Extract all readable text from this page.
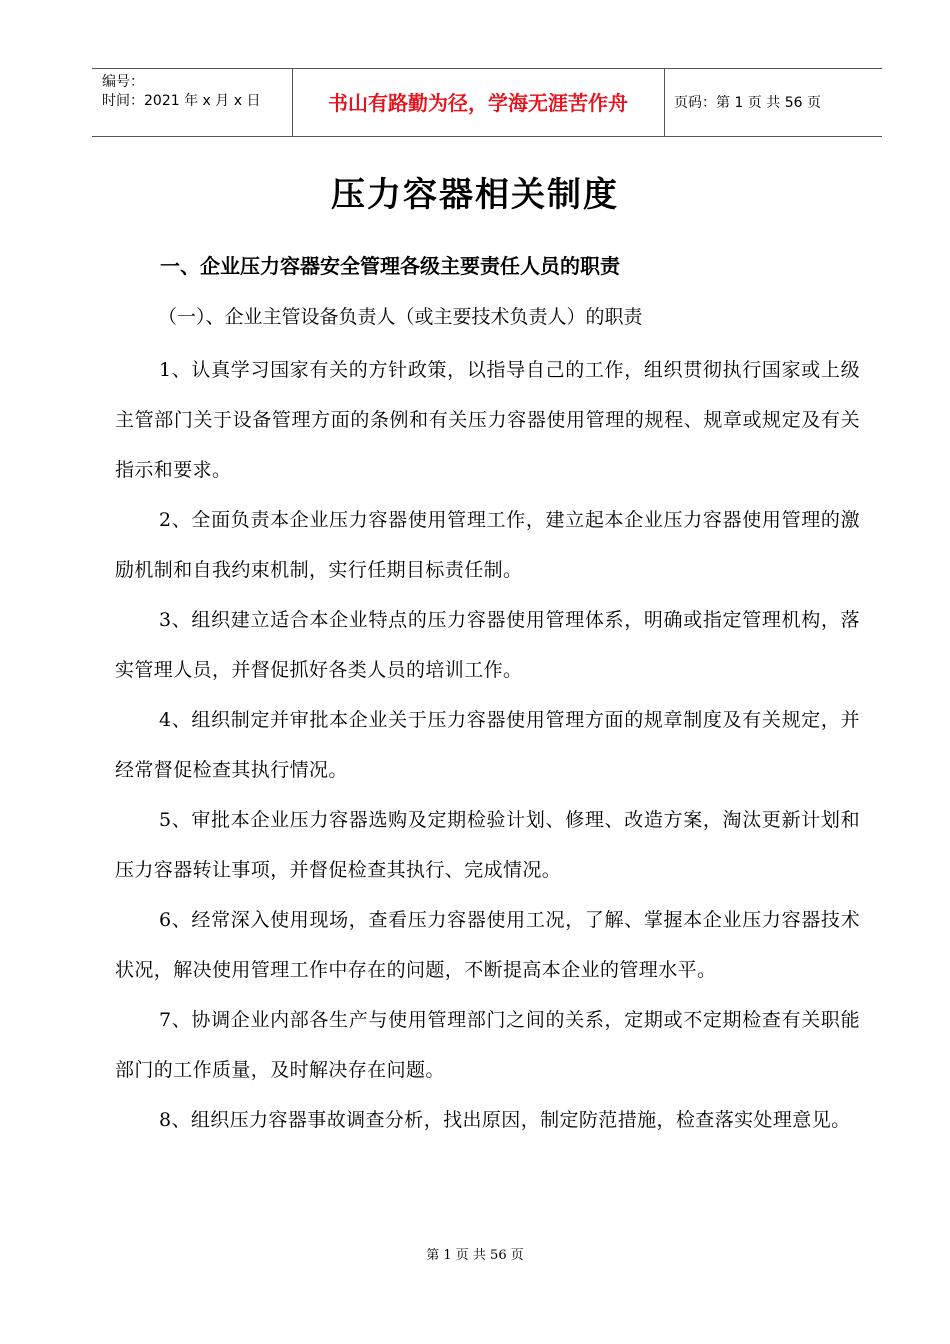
编号：
时间：2021 年 x 月 x 日	书山有路勤为径，学海无涯苦作舟	页码：第 1 页 共 56 页
压力容器相关制度
一、企业压力容器安全管理各级主要责任人员的职责
（一）、企业主管设备负责人（或主要技术负责人）的职责

1、认真学习国家有关的方针政策，以指导自己的工作，组织贯彻执行国家或上级主管部门关于设备管理方面的条例和有关压力容器使用管理的规程、规章或规定及有关指示和要求。

2、全面负责本企业压力容器使用管理工作，建立起本企业压力容器使用管理的激励机制和自我约束机制，实行任期目标责任制。

3、组织建立适合本企业特点的压力容器使用管理体系，明确或指定管理机构，落实管理人员，并督促抓好各类人员的培训工作。

4、组织制定并审批本企业关于压力容器使用管理方面的规章制度及有关规定，并经常督促检查其执行情况。

5、审批本企业压力容器选购及定期检验计划、修理、改造方案，淘汰更新计划和压力容器转让事项，并督促检查其执行、完成情况。

6、经常深入使用现场，查看压力容器使用工况，了解、掌握本企业压力容器技术状况，解决使用管理工作中存在的问题，不断提高本企业的管理水平。

7、协调企业内部各生产与使用管理部门之间的关系，定期或不定期检查有关职能部门的工作质量，及时解决存在问题。

8、组织压力容器事故调查分析，找出原因，制定防范措施，检查落实处理意见。

第 1 页 共 56 页
